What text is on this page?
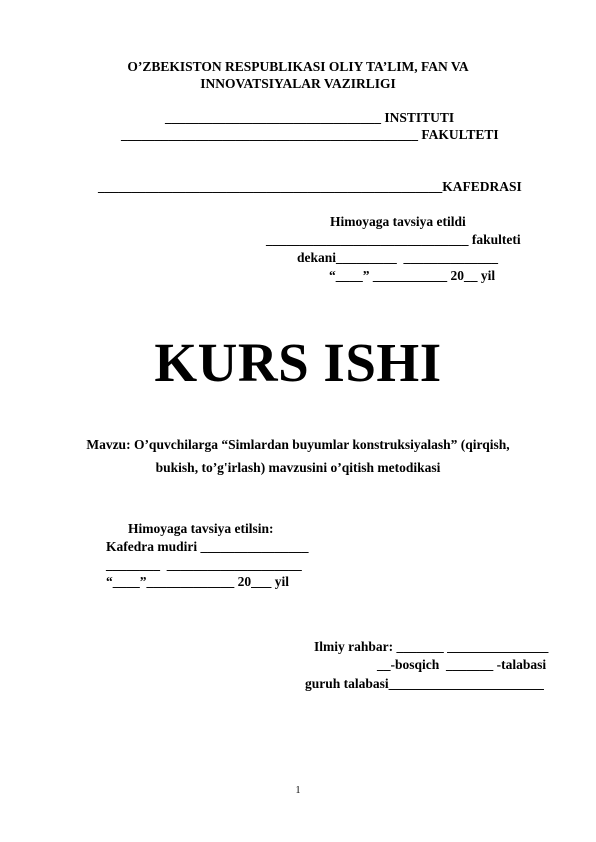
O’ZBEKISTON RESPUBLIKASI OLIY TA’LIM, FAN VA
INNOVATSIYALAR VAZIRLIGI
________________________________ INSTITUTI
____________________________________________ FAKULTETI
___________________________________________________KAFEDRASI
Himoyaga tavsiya etildi
______________________________ fakulteti
dekani_________  ______________
“____” ___________ 20__ yil
KURS ISHI
Mavzu: O’quvchilarga “Simlardan buyumlar konstruksiyalash” (qirqish,
bukish, to’g'irlash) mavzusini o’qitish metodikasi
Himoyaga tavsiya etilsin:
Kafedra mudiri ________________
________  ____________________
“____”_____________ 20___ yil
Ilmiy rahbar: _______ _______________
__-bosqich  _______ -talabasi
guruh talabasi_______________________
1
